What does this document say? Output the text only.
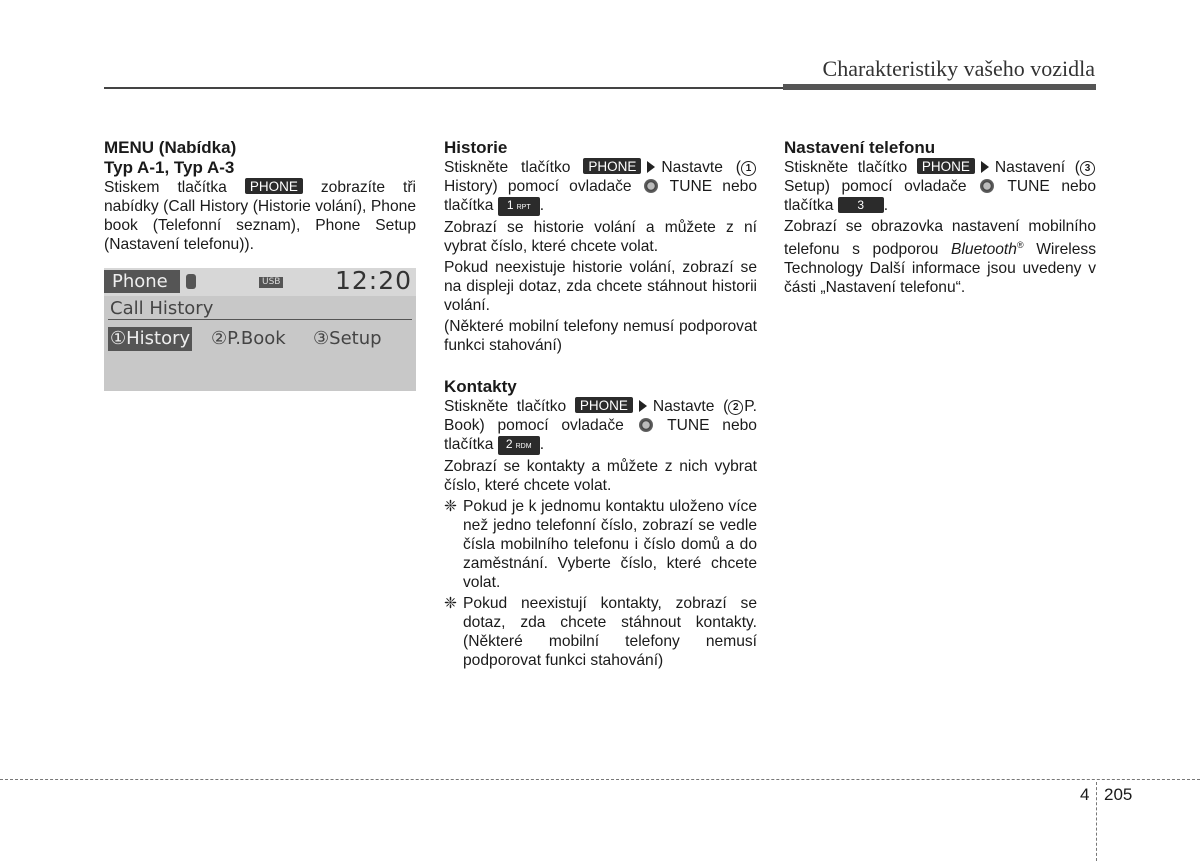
Charakteristiky vašeho vozidla
MENU (Nabídka)
Typ A-1, Typ A-3

Stiskem tlačítka PHONE zobrazíte tři nabídky (Call History (Historie volání), Phone book (Telefonní seznam), Phone Setup (Nastavení telefonu)).

Phone	USB 12:20
Call History
①History ②P.Book ③Setup
Historie

Stiskněte tlačítko PHONE Nastavte ( 1History) pomocí ovladače TUNE nebo tlačítka 1 RPT .

Zobrazí se historie volání a můžete z ní vybrat číslo, které chcete volat.

Pokud neexistuje historie volání, zobrazí se na displeji dotaz, zda chcete stáhnout historii volání.

(Některé mobilní telefony nemusí podporovat funkci stahování)

Kontakty

Stiskněte tlačítko PHONE Nastavte ( 2 P. Book) pomocí ovladače	TUNE nebo tlačítka 2 RDM .

Zobrazí se kontakty a můžete z nich vybrat číslo, které chcete volat.

❈ Pokud je k jednomu kontaktu uloženo více než jedno telefonní číslo, zobrazí se vedle čísla mobilního telefonu i číslo domů a do zaměstnání. Vyberte číslo, které chcete volat.

❈ Pokud neexistují kontakty, zobrazí se dotaz, zda chcete stáhnout kontakty. (Některé mobilní telefony nemusí podporovat funkci stahování)

Nastavení telefonu

Stiskněte tlačítko PHONE Nastavení ( 3Setup) pomocí ovladače	TUNE nebo tlačítka 3 .

Zobrazí se obrazovka nastavení mobilního telefonu s podporou Bluetooth® Wireless Technology Další informace jsou uvedeny v části „Nastavení telefonu“.

4 205
